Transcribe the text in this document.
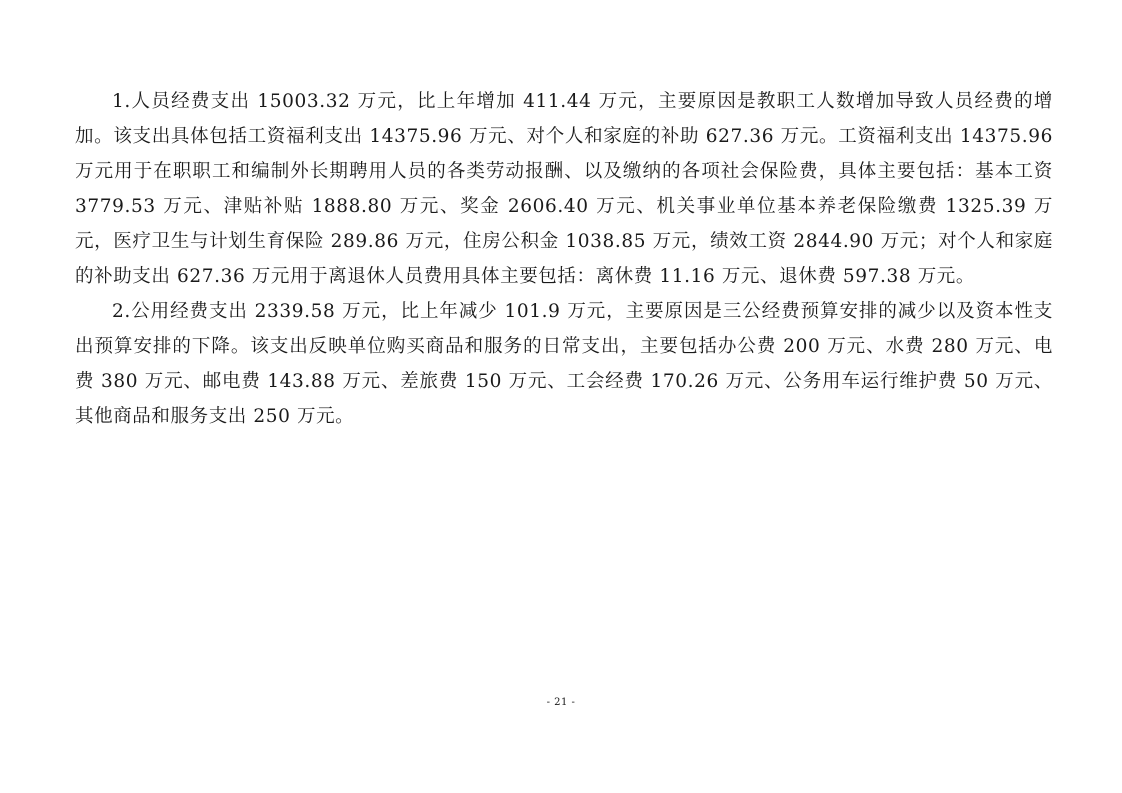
1.人员经费支出 15003.32 万元，比上年增加 411.44 万元，主要原因是教职工人数增加导致人员经费的增加。该支出具体包括工资福利支出 14375.96 万元、对个人和家庭的补助 627.36 万元。工资福利支出 14375.96 万元用于在职职工和编制外长期聘用人员的各类劳动报酬、以及缴纳的各项社会保险费，具体主要包括：基本工资 3779.53 万元、津贴补贴 1888.80 万元、奖金 2606.40 万元、机关事业单位基本养老保险缴费 1325.39 万元，医疗卫生与计划生育保险 289.86 万元，住房公积金 1038.85 万元，绩效工资 2844.90 万元；对个人和家庭的补助支出 627.36 万元用于离退休人员费用具体主要包括：离休费 11.16 万元、退休费 597.38 万元。

2.公用经费支出 2339.58 万元，比上年减少 101.9 万元，主要原因是三公经费预算安排的减少以及资本性支出预算安排的下降。该支出反映单位购买商品和服务的日常支出，主要包括办公费 200 万元、水费 280 万元、电费 380 万元、邮电费 143.88 万元、差旅费 150 万元、工会经费 170.26 万元、公务用车运行维护费 50 万元、其他商品和服务支出 250 万元。

- 21 -
